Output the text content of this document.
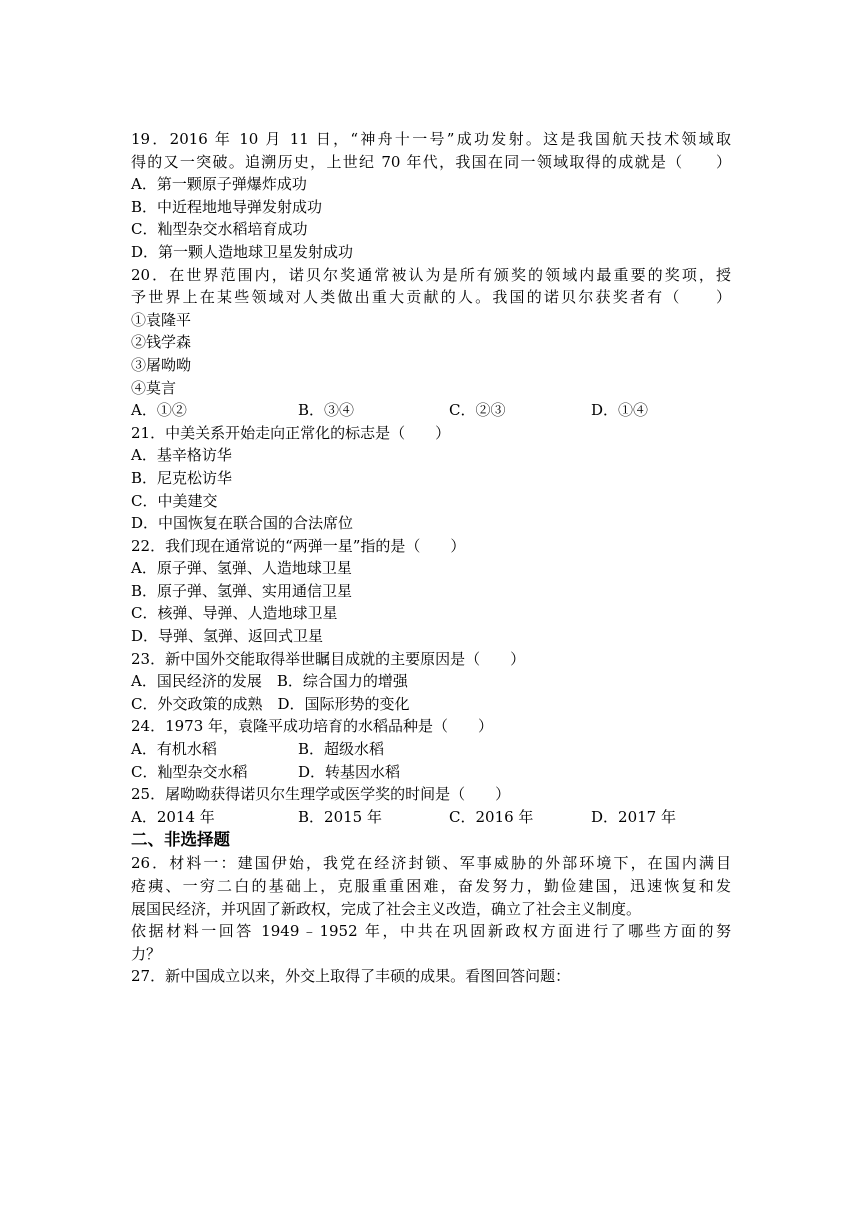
19．2016 年 10 月 11 日，“神舟十一号”成功发射。这是我国航天技术领域取
得的又一突破。追溯历史，上世纪 70 年代，我国在同一领域取得的成就是（　　）
A．第一颗原子弹爆炸成功
B．中近程地地导弹发射成功
C．籼型杂交水稻培育成功
D．第一颗人造地球卫星发射成功
20．在世界范围内，诺贝尔奖通常被认为是所有颁奖的领域内最重要的奖项，授
予世界上在某些领域对人类做出重大贡献的人。我国的诺贝尔获奖者有（　　）
①袁隆平
②钱学森
③屠呦呦
④莫言
A．①②	B．③④	C．②③	D．①④
21．中美关系开始走向正常化的标志是（　　）
A．基辛格访华
B．尼克松访华
C．中美建交
D．中国恢复在联合国的合法席位
22．我们现在通常说的“两弹一星”指的是（　　）
A．原子弹、氢弹、人造地球卫星
B．原子弹、氢弹、实用通信卫星
C．核弹、导弹、人造地球卫星
D．导弹、氢弹、返回式卫星
23．新中国外交能取得举世瞩目成就的主要原因是（　　）
A．国民经济的发展　B．综合国力的增强
C．外交政策的成熟　D．国际形势的变化
24．1973 年，袁隆平成功培育的水稻品种是（　　）
A．有机水稻	B．超级水稻
C．籼型杂交水稻	D．转基因水稻
25．屠呦呦获得诺贝尔生理学或医学奖的时间是（　　）
A．2014 年	B．2015 年	C．2016 年	D．2017 年
二、非选择题
26．材料一：建国伊始，我党在经济封锁、军事威胁的外部环境下，在国内满目
疮痍、一穷二白的基础上，克服重重困难，奋发努力，勤俭建国，迅速恢复和发
展国民经济，并巩固了新政权，完成了社会主义改造，确立了社会主义制度。
依据材料一回答 1949﹣1952 年，中共在巩固新政权方面进行了哪些方面的努
力？
27．新中国成立以来，外交上取得了丰硕的成果。看图回答问题：
